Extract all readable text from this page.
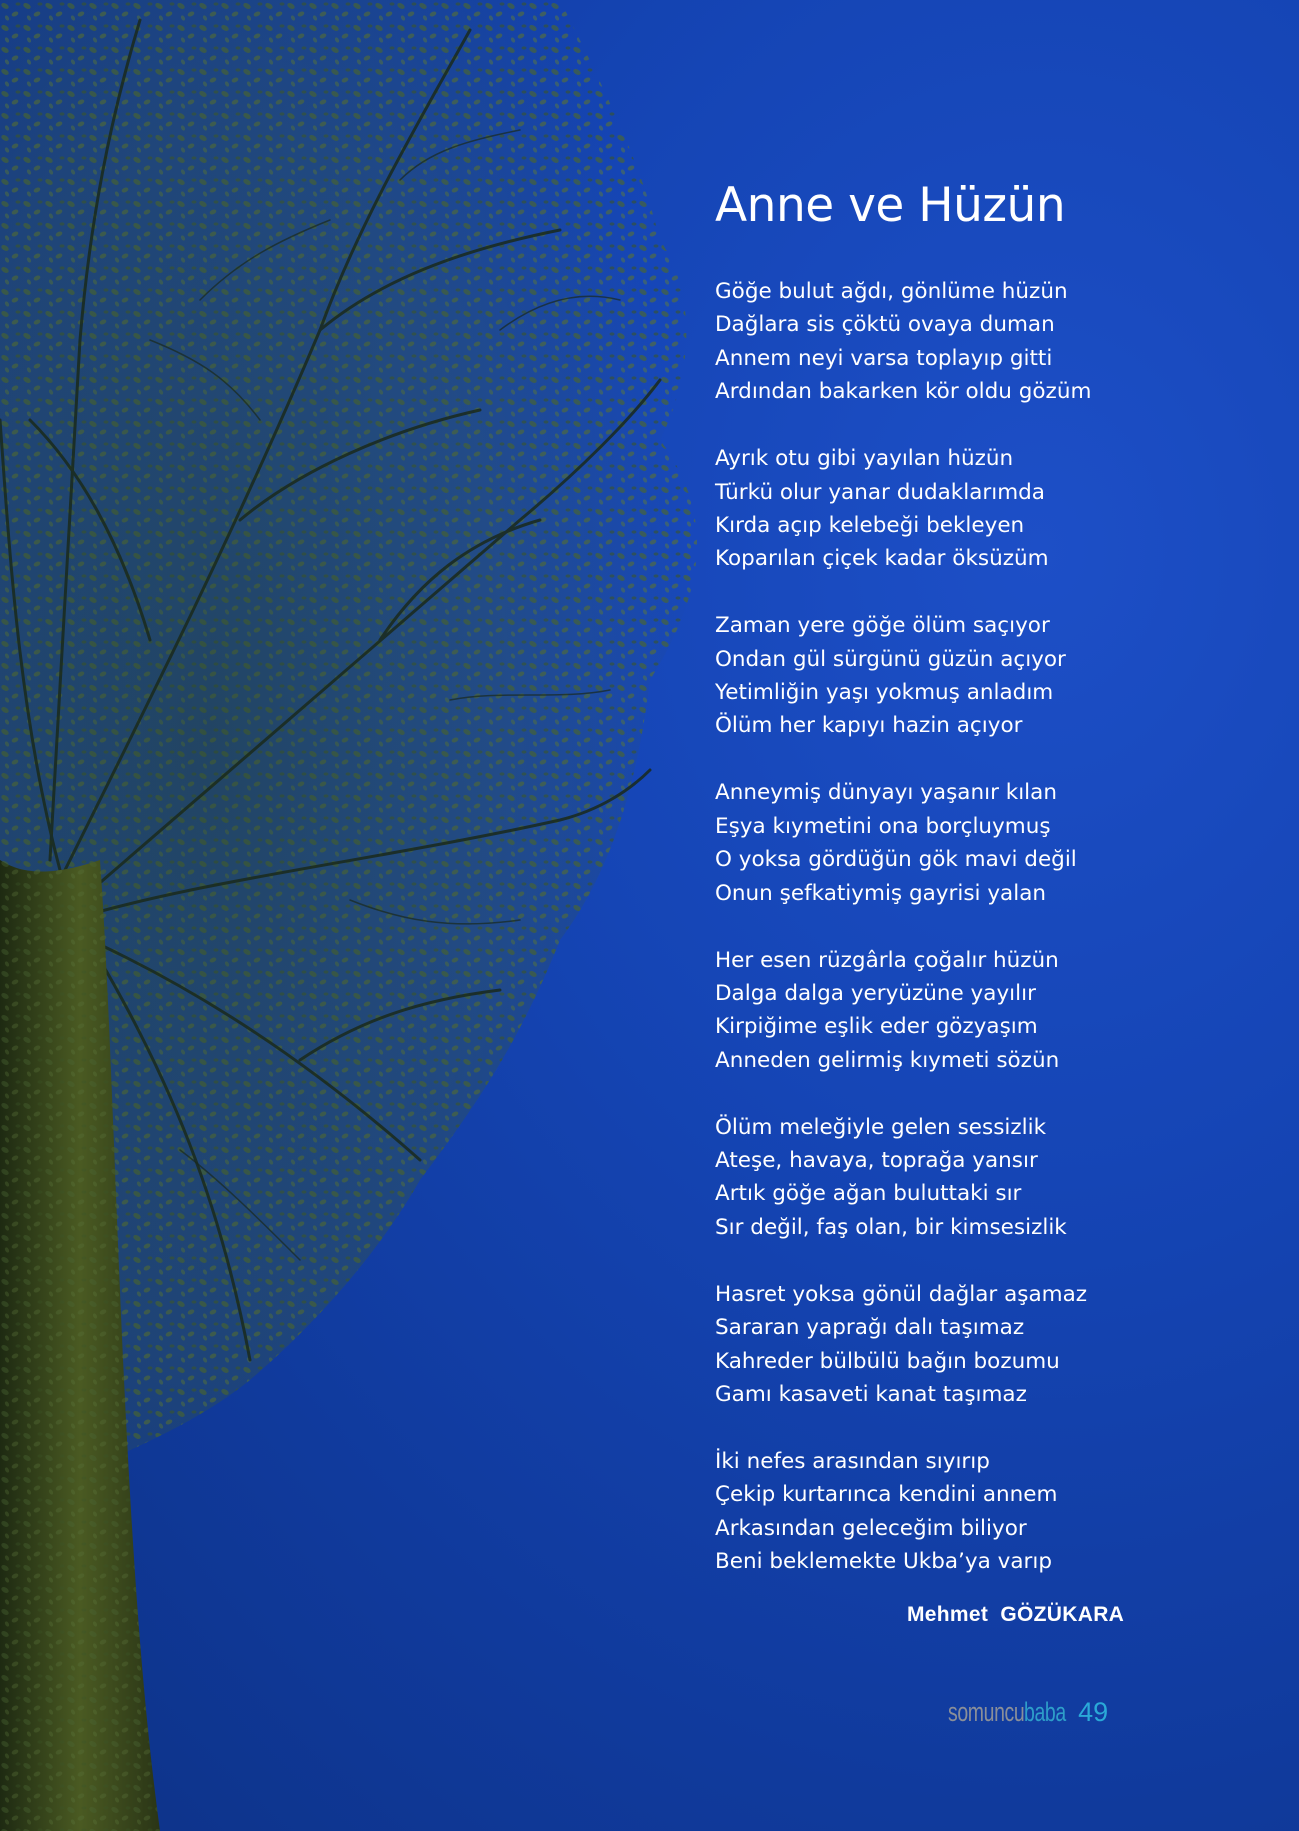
Anne ve Hüzün
Göğe bulut ağdı, gönlüme hüzün
Dağlara sis çöktü ovaya duman
Annem neyi varsa toplayıp gitti
Ardından bakarken kör oldu gözüm
Ayrık otu gibi yayılan hüzün
Türkü olur yanar dudaklarımda
Kırda açıp kelebeği bekleyen
Koparılan çiçek kadar öksüzüm
Zaman yere göğe ölüm saçıyor
Ondan gül sürgünü güzün açıyor
Yetimliğin yaşı yokmuş anladım
Ölüm her kapıyı hazin açıyor
Anneymiş dünyayı yaşanır kılan
Eşya kıymetini ona borçluymuş
O yoksa gördüğün gök mavi değil
Onun şefkatiymiş gayrisi yalan
Her esen rüzgârla çoğalır hüzün
Dalga dalga yeryüzüne yayılır
Kirpiğime eşlik eder gözyaşım
Anneden gelirmiş kıymeti sözün
Ölüm meleğiyle gelen sessizlik
Ateşe, havaya, toprağa yansır
Artık göğe ağan buluttaki sır
Sır değil, faş olan, bir kimsesizlik
Hasret yoksa gönül dağlar aşamaz
Sararan yaprağı dalı taşımaz
Kahreder bülbülü bağın bozumu
Gamı kasaveti kanat taşımaz
İki nefes arasından sıyırıp
Çekip kurtarınca kendini annem
Arkasından geleceğim biliyor
Beni beklemekte Ukba’ya varıp
Mehmet  GÖZÜKARA
somuncu baba 49
